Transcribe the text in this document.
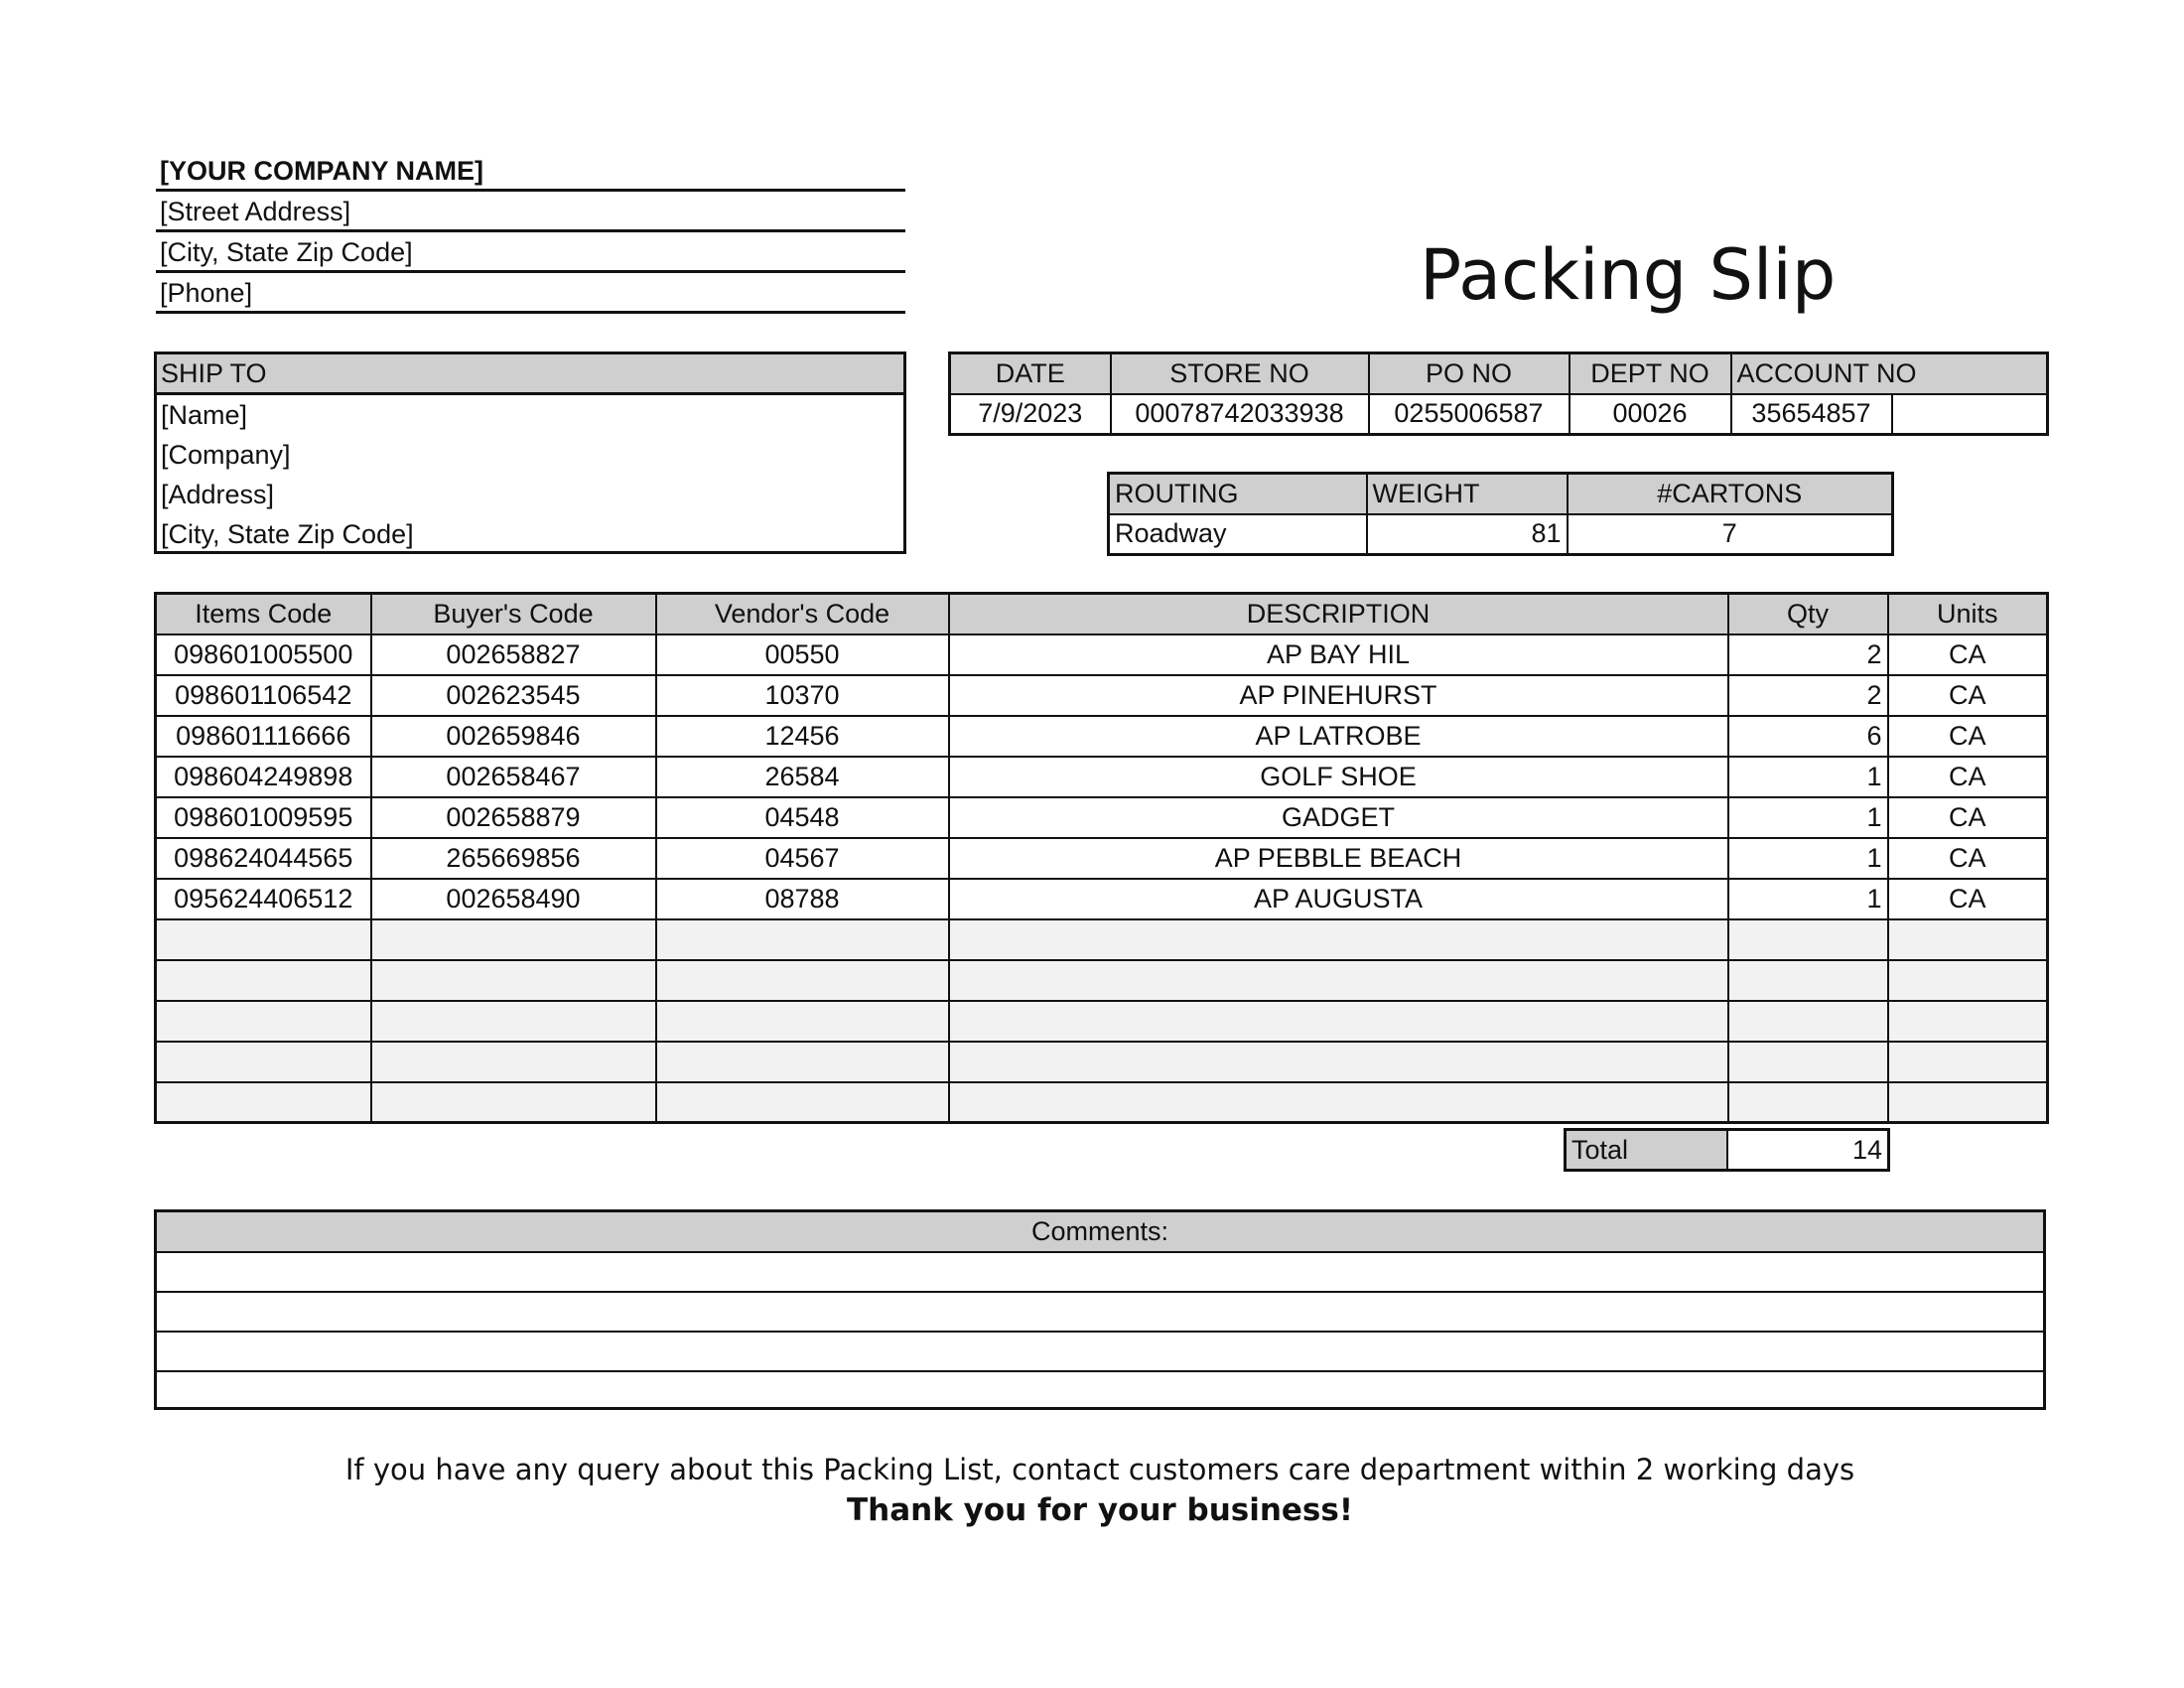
[YOUR COMPANY NAME]
[Street Address]
[City, State Zip Code]
[Phone]	Packing Slip
SHIP TO
[Name]
[Company]
[Address]
[City, State Zip Code]
DATE	STORE NO	PO NO	DEPT NO	ACCOUNT NO	
7/9/2023	00078742033938	0255006587	00026	35654857	
ROUTING	WEIGHT	#CARTONS
Roadway	81	7
Items Code	Buyer's Code	Vendor's Code	DESCRIPTION	Qty	Units
098601005500	002658827	00550	AP BAY HIL	2	CA
098601106542	002623545	10370	AP PINEHURST	2	CA
098601116666	002659846	12456	AP LATROBE	6	CA
098604249898	002658467	26584	GOLF SHOE	1	CA
098601009595	002658879	04548	GADGET	1	CA
098624044565	265669856	04567	AP PEBBLE BEACH	1	CA
095624406512	002658490	08788	AP AUGUSTA	1	CA

Total	14
Comments:
If you have any query about this Packing List, contact customers care department within 2 working days
Thank you for your business!
